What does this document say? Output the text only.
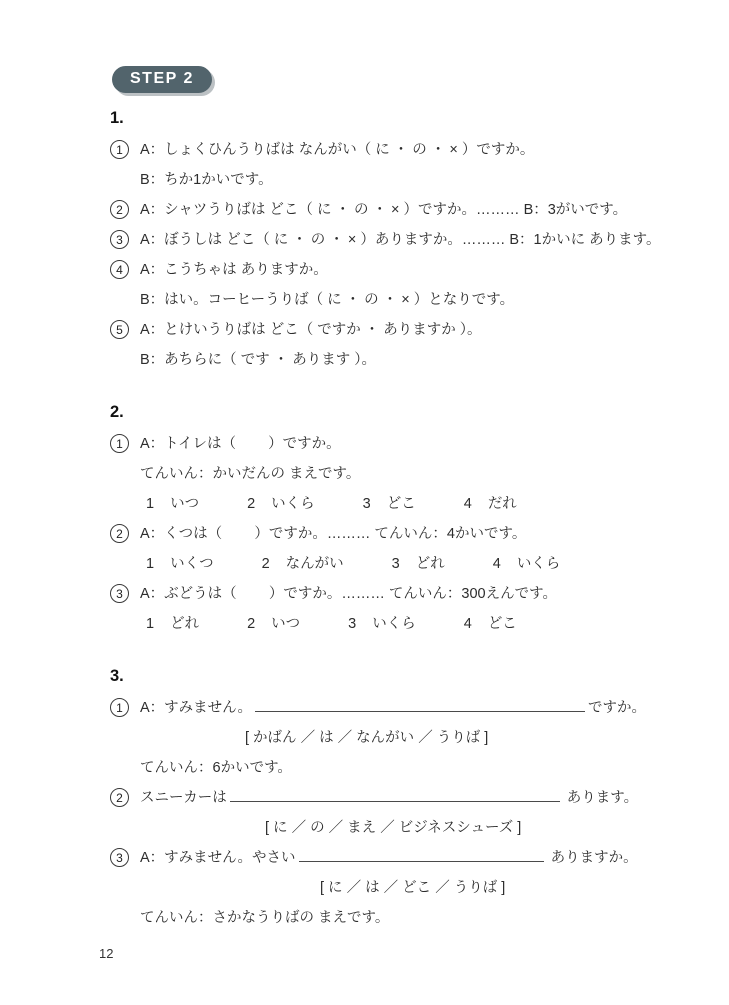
STEP 2
1.
1	A：しょくひんうりばは なんがい（ に ・ の ・ × ）ですか。
B：ちか1かいです。
2	A：シャツうりばは どこ（ に ・ の ・ × ）ですか。……… B：3がいです。
3	A：ぼうしは どこ（ に ・ の ・ × ）ありますか。……… B：1かいに あります。
4	A：こうちゃは ありますか。
B：はい。コーヒーうりば（ に ・ の ・ × ）となりです。
5	A：とけいうりばは どこ（ ですか ・ ありますか ）。
B：あちらに（ です ・ あります ）。
2.
1	A：トイレは（        ）ですか。
てんいん：かいだんの まえです。
1 いつ	2 いくら	3 どこ	4 だれ
2	A：くつは（        ）ですか。……… てんいん：4かいです。
1 いくつ	2 なんがい	3 どれ	4 いくら
3	A：ぶどうは（        ）ですか。……… てんいん：300えんです。
1 どれ	2 いつ	3 いくら	4 どこ
3.
1	A：すみません。	ですか。
[ かばん ／ は ／ なんがい ／ うりば ]
てんいん：6かいです。
2	スニーカーは	あります。
[ に ／ の ／ まえ ／ ビジネスシューズ ]
3	A：すみません。やさい	ありますか。
[ に ／ は ／ どこ ／ うりば ]
てんいん：さかなうりばの まえです。
12
